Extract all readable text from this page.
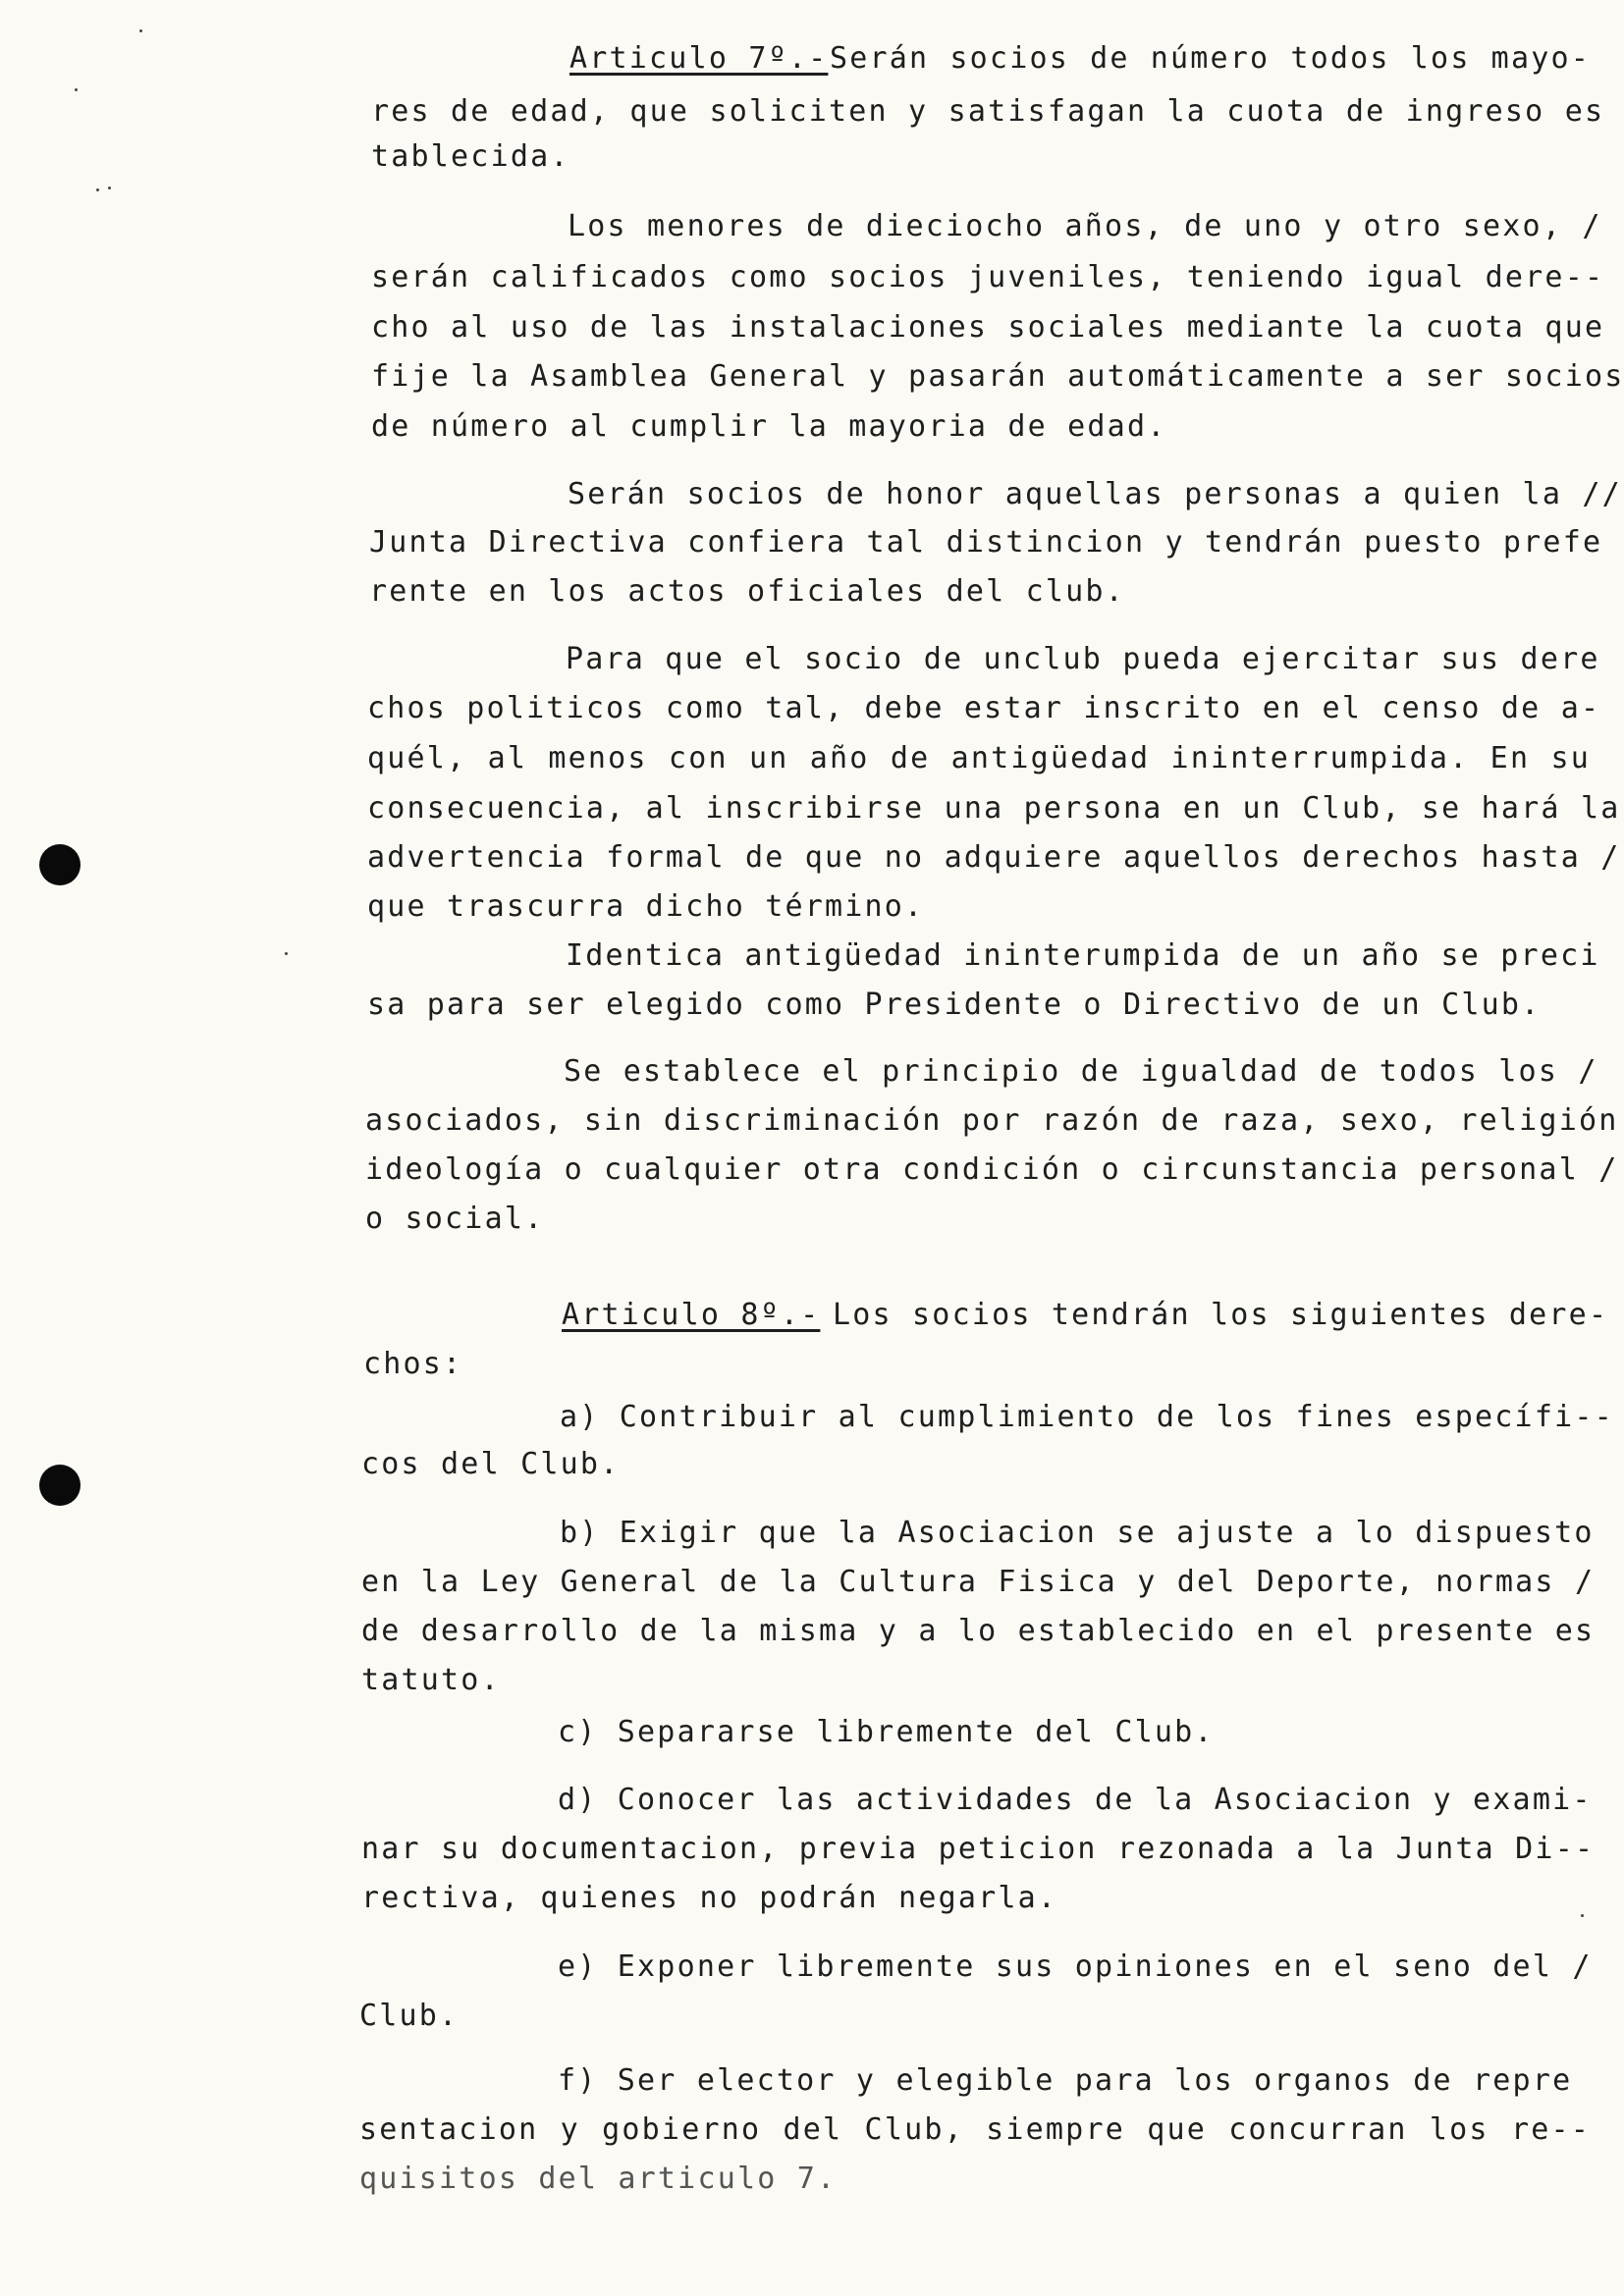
Articulo 7º.- Serán socios de número todos los mayo-
res de edad, que soliciten y satisfagan la cuota de ingreso es
tablecida.
Los menores de dieciocho años, de uno y otro sexo, /
serán calificados como socios juveniles, teniendo igual dere--
cho al uso de las instalaciones sociales mediante la cuota que
fije la Asamblea General y pasarán automáticamente a ser socios
de número al cumplir la mayoria de edad.
Serán socios de honor aquellas personas a quien la //
Junta Directiva confiera tal distincion y tendrán puesto prefe
rente en los actos oficiales del club.
Para que el socio de unclub pueda ejercitar sus dere
chos politicos como tal, debe estar inscrito en el censo de a-
quél, al menos con un año de antigüedad ininterrumpida. En su
consecuencia, al inscribirse una persona en un Club, se hará la
advertencia formal de que no adquiere aquellos derechos hasta /
que trascurra dicho término.
Identica antigüedad ininterumpida de un año se preci
sa para ser elegido como Presidente o Directivo de un Club.
Se establece el principio de igualdad de todos los /
asociados, sin discriminación por razón de raza, sexo, religión
ideología o cualquier otra condición o circunstancia personal /
o social.
Articulo 8º.- Los socios tendrán los siguientes dere-
chos:
a) Contribuir al cumplimiento de los fines específi--
cos del Club.
b) Exigir que la Asociacion se ajuste a lo dispuesto
en la Ley General de la Cultura Fisica y del Deporte, normas /
de desarrollo de la misma y a lo establecido en el presente es
tatuto.
c) Separarse libremente del Club.
d) Conocer las actividades de la Asociacion y exami-
nar su documentacion, previa peticion rezonada a la Junta Di--
rectiva, quienes no podrán negarla.
e) Exponer libremente sus opiniones en el seno del /
Club.
f) Ser elector y elegible para los organos de repre
sentacion y gobierno del Club, siempre que concurran los re--
quisitos del articulo 7.
